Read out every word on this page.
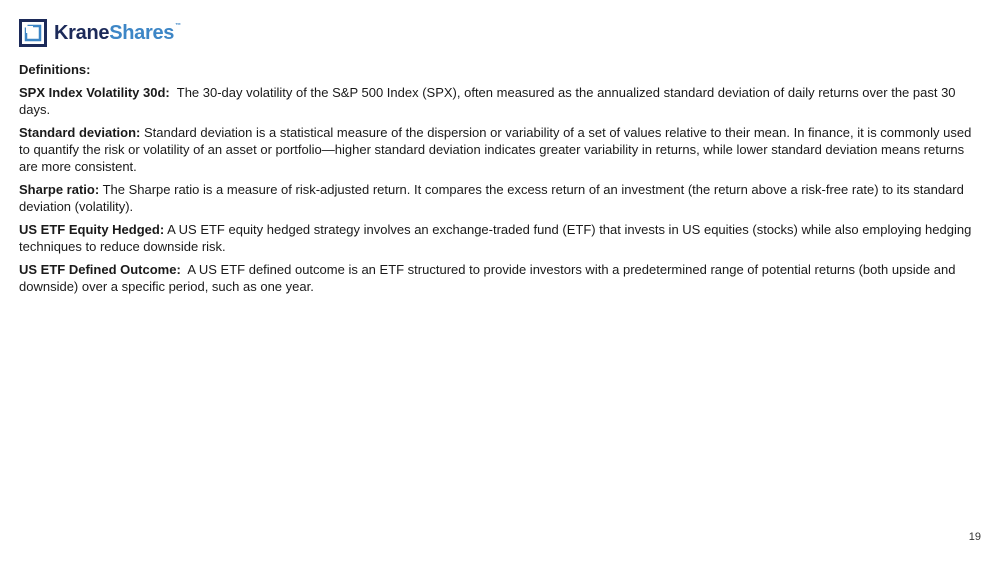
KraneShares™

Definitions:

SPX Index Volatility 30d: The 30-day volatility of the S&P 500 Index (SPX), often measured as the annualized standard deviation of daily returns over the past 30 days.

Standard deviation: Standard deviation is a statistical measure of the dispersion or variability of a set of values relative to their mean. In finance, it is commonly used to quantify the risk or volatility of an asset or portfolio—higher standard deviation indicates greater variability in returns, while lower standard deviation means returns are more consistent.

Sharpe ratio: The Sharpe ratio is a measure of risk-adjusted return. It compares the excess return of an investment (the return above a risk-free rate) to its standard deviation (volatility).

US ETF Equity Hedged: A US ETF equity hedged strategy involves an exchange-traded fund (ETF) that invests in US equities (stocks) while also employing hedging techniques to reduce downside risk.

US ETF Defined Outcome: A US ETF defined outcome is an ETF structured to provide investors with a predetermined range of potential returns (both upside and downside) over a specific period, such as one year.

19
